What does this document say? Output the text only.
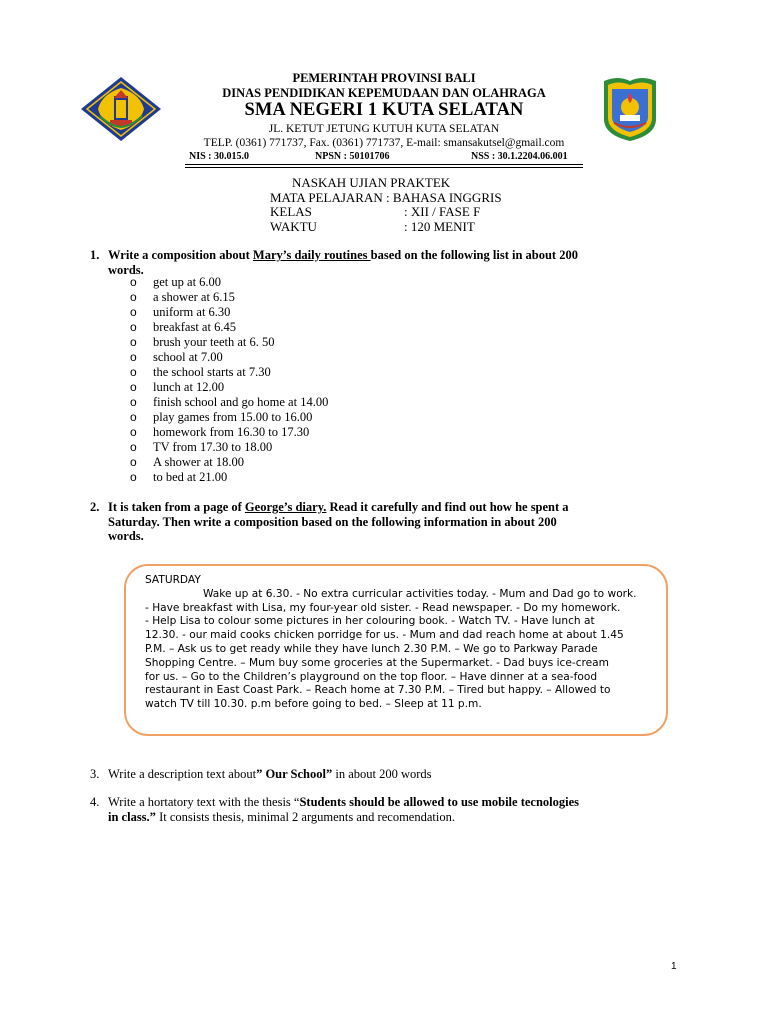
PEMERINTAH PROVINSI BALI
DINAS PENDIDIKAN KEPEMUDAAN DAN OLAHRAGA
SMA NEGERI 1 KUTA SELATAN
JL. KETUT JETUNG KUTUH KUTA SELATAN
TELP. (0361) 771737, Fax. (0361) 771737, E-mail: smansakutsel@gmail.com
NIS : 30.015.0	NPSN : 50101706	NSS : 30.1.2204.06.001
NASKAH UJIAN PRAKTEK
MATA PELAJARAN : BAHASA INGGRIS
KELAS	: XII / FASE F
WAKTU	: 120 MENIT
1. Write a composition about Mary’s daily routines based on the following list in about 200
words.
o get up at 6.00
o a shower at 6.15
o uniform at 6.30
o breakfast at 6.45
o brush your teeth at 6. 50
o school at 7.00
o the school starts at 7.30
o lunch at 12.00
o finish school and go home at 14.00
o play games from 15.00 to 16.00
o homework from 16.30 to 17.30
o TV from 17.30 to 18.00
o A shower at 18.00
o to bed at 21.00
2. It is taken from a page of George’s diary. Read it carefully and find out how he spent a
Saturday. Then write a composition based on the following information in about 200
words.
SATURDAY
Wake up at 6.30. - No extra curricular activities today. - Mum and Dad go to work.
- Have breakfast with Lisa, my four-year old sister. - Read newspaper. - Do my homework.
- Help Lisa to colour some pictures in her colouring book. - Watch TV. - Have lunch at
12.30. - our maid cooks chicken porridge for us. - Mum and dad reach home at about 1.45
P.M. – Ask us to get ready while they have lunch 2.30 P.M. – We go to Parkway Parade
Shopping Centre. – Mum buy some groceries at the Supermarket. - Dad buys ice-cream
for us. – Go to the Children’s playground on the top floor. – Have dinner at a sea-food
restaurant in East Coast Park. – Reach home at 7.30 P.M. – Tired but happy. – Allowed to
watch TV till 10.30. p.m before going to bed. – Sleep at 11 p.m.
3. Write a description text about” Our School” in about 200 words
4. Write a hortatory text with the thesis “Students should be allowed to use mobile tecnologies
in class.” It consists thesis, minimal 2 arguments and recomendation.
1
